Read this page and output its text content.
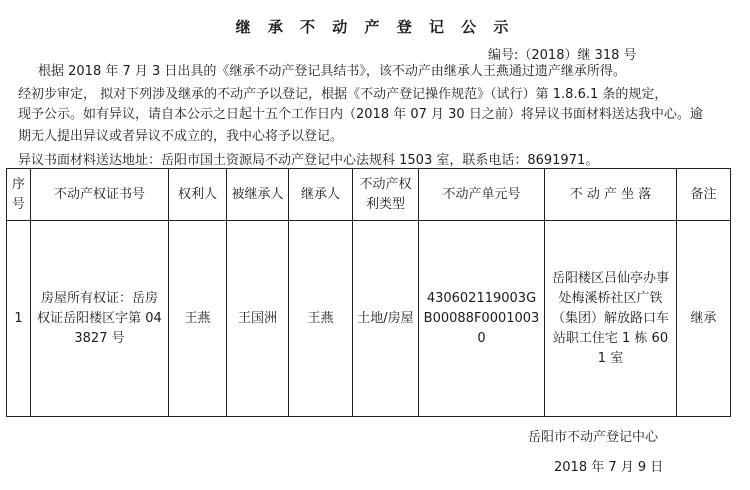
继 承 不 动 产 登 记 公 示
编号:（2018）继 318 号
根据 2018 年 7 月 3 日出具的《继承不动产登记具结书》，该不动产由继承人王燕通过遗产继承所得。
经初步审定， 拟对下列涉及继承的不动产予以登记，根据《不动产登记操作规范》（试行）第 1.8.6.1 条的规定，
现予公示。如有异议，请自本公示之日起十五个工作日内（2018 年 07 月 30 日之前）将异议书面材料送达我中心。逾
期无人提出异议或者异议不成立的，我中心将予以登记。
序号	不动产权证书号	权利人	被继承人	继承人	不动产权利类型	不动产单元号	不 动 产 坐 落	备注
1	房屋所有权证：岳房权证岳阳楼区字第 043827 号	王燕	王国洲	王燕	土地/房屋	430602119003GB00088F00010030	岳阳楼区吕仙亭办事处梅溪桥社区广铁（集团）解放路口车站职工住宅 1 栋 601 室	继承
异议书面材料送达地址：岳阳市国土资源局不动产登记中心法规科 1503 室，联系电话：8691971。
岳阳市不动产登记中心
2018 年 7 月 9 日
